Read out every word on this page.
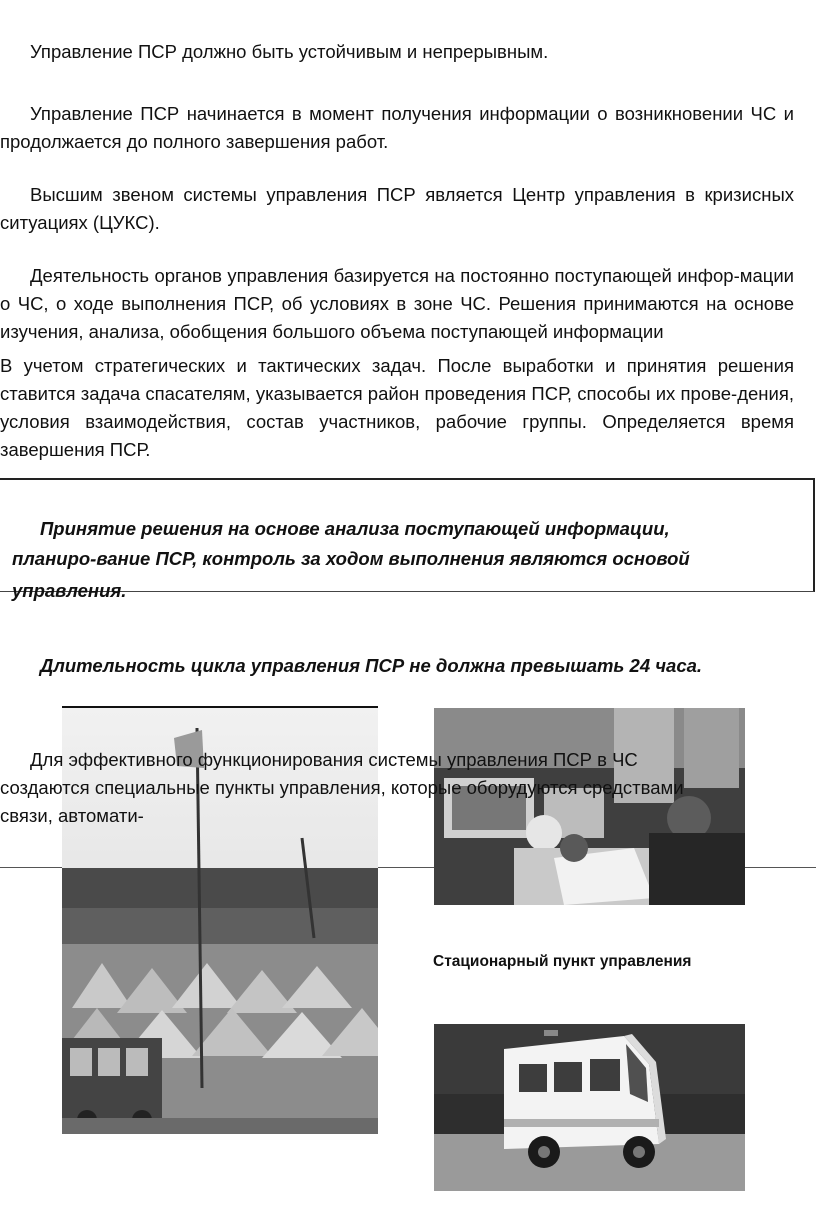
Управление ПСР должно быть устойчивым и непрерывным.

Управление ПСР начинается в момент получения информации о возникновении ЧС и продолжается до полного завершения работ.

Высшим звеном системы управления ПСР является Центр управления в кризисных ситуациях (ЦУКС).

Деятельность органов управления базируется на постоянно поступающей инфор-мации о ЧС, о ходе выполнения ПСР, об условиях в зоне ЧС. Решения принимаются на основе изучения, анализа, обобщения большого объема поступающей информации

В учетом стратегических и тактических задач. После выработки и принятия решения ставится задача спасателям, указывается район проведения ПСР, способы их прове-дения, условия взаимодействия, состав участников, рабочие группы. Определяется время завершения ПСР.

Принятие решения на основе анализа поступающей информации,
планиро-вание ПСР, контроль за ходом выполнения являются основой
управления.
Длительность цикла управления ПСР не должна превышать 24 часа.
Стационарный пункт управления
Для эффективного функционирования системы управления ПСР в ЧС
создаются специальные пункты управления, которые оборудуются средствами
связи, автомати-
